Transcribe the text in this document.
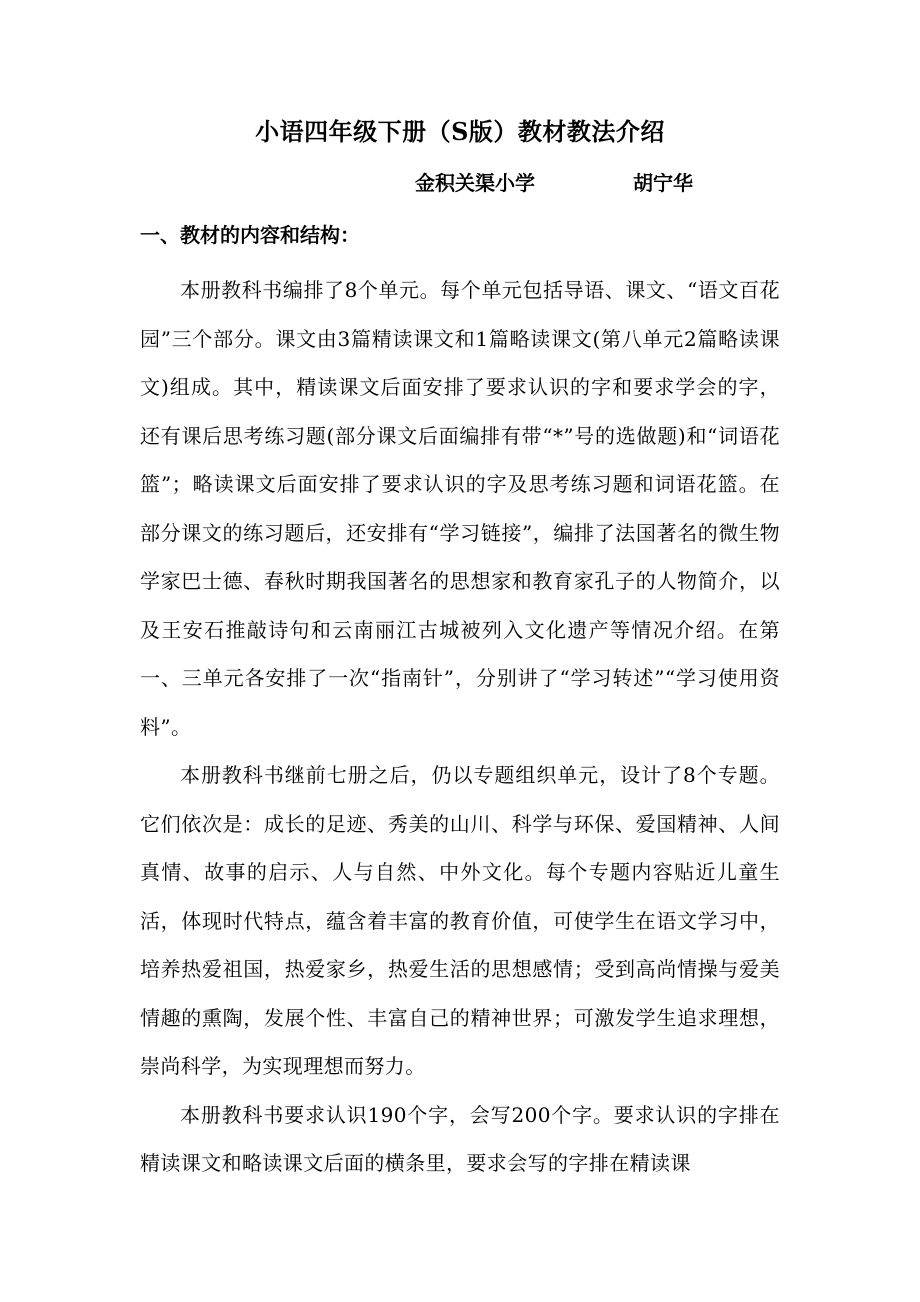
小语四年级下册（S版）教材教法介绍
金积关渠小学	胡宁华
一、教材的内容和结构：

本册教科书编排了8个单元。每个单元包括导语、课文、“语文百花园”三个部分。课文由3篇精读课文和1篇略读课文(第八单元2篇略读课文)组成。其中，精读课文后面安排了要求认识的字和要求学会的字，还有课后思考练习题(部分课文后面编排有带“*”号的选做题)和“词语花篮”；略读课文后面安排了要求认识的字及思考练习题和词语花篮。在部分课文的练习题后，还安排有“学习链接”，编排了法国著名的微生物学家巴士德、春秋时期我国著名的思想家和教育家孔子的人物简介，以及王安石推敲诗句和云南丽江古城被列入文化遗产等情况介绍。在第一、三单元各安排了一次“指南针”，分别讲了“学习转述”“学习使用资料”。

本册教科书继前七册之后，仍以专题组织单元，设计了8个专题。它们依次是：成长的足迹、秀美的山川、科学与环保、爱国精神、人间真情、故事的启示、人与自然、中外文化。每个专题内容贴近儿童生活，体现时代特点，蕴含着丰富的教育价值，可使学生在语文学习中，培养热爱祖国，热爱家乡，热爱生活的思想感情；受到高尚情操与爱美情趣的熏陶，发展个性、丰富自己的精神世界；可激发学生追求理想，崇尚科学，为实现理想而努力。

本册教科书要求认识190个字，会写200个字。要求认识的字排在精读课文和略读课文后面的横条里，要求会写的字排在精读课
